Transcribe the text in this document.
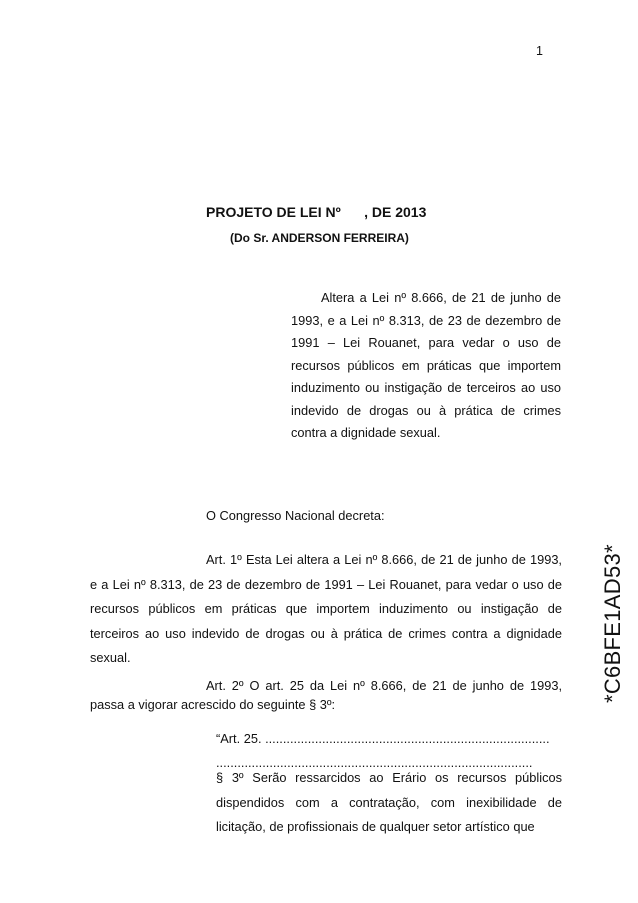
1
PROJETO DE LEI Nº      , DE 2013
(Do Sr. ANDERSON FERREIRA)
Altera a Lei nº 8.666, de 21 de junho de 1993, e a Lei nº 8.313, de 23 de dezembro de 1991 – Lei Rouanet, para vedar o uso de recursos públicos em práticas que importem induzimento ou instigação de terceiros ao uso indevido de drogas ou à prática de crimes contra a dignidade sexual.
O Congresso Nacional decreta:

Art. 1º Esta Lei altera a Lei nº 8.666, de 21 de junho de 1993, e a Lei nº 8.313, de 23 de dezembro de 1991 – Lei Rouanet, para vedar o uso de recursos públicos em práticas que importem induzimento ou instigação de terceiros ao uso indevido de drogas ou à prática de crimes contra a dignidade sexual.

Art. 2º O art. 25 da Lei nº 8.666, de 21 de junho de 1993, passa a vigorar acrescido do seguinte § 3º:

“Art. 25. ................................................................................
.........................................................................................

§ 3º Serão ressarcidos ao Erário os recursos públicos dispendidos com a contratação, com inexibilidade de licitação, de profissionais de qualquer setor artístico que

*C6BFE1AD53*
